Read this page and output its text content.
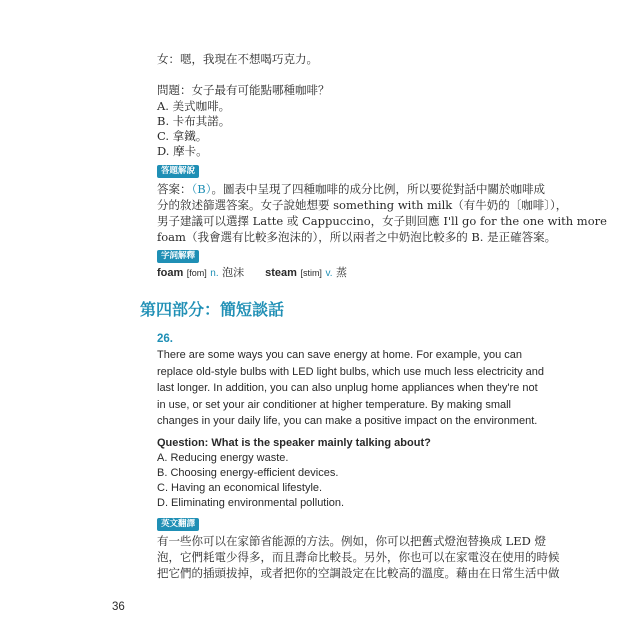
女：嗯，我現在不想喝巧克力。
問題：女子最有可能點哪種咖啡？
A. 美式咖啡。
B. 卡布其諾。
C. 拿鐵。
D. 摩卡。
答題解說
答案：（B）。圖表中呈現了四種咖啡的成分比例，所以要從對話中關於咖啡成
分的敘述篩選答案。女子說她想要 something with milk（有牛奶的〔咖啡〕），
男子建議可以選擇 Latte 或 Cappuccino，女子則回應 I'll go for the one with more
foam（我會選有比較多泡沫的），所以兩者之中奶泡比較多的 B. 是正確答案。
字詞解釋
foam [fom] n. 泡沫 steam [stim] v. 蒸
第四部分：簡短談話
26.
There are some ways you can save energy at home. For example, you can
replace old-style bulbs with LED light bulbs, which use much less electricity and
last longer. In addition, you can also unplug home appliances when they're not
in use, or set your air conditioner at higher temperature. By making small
changes in your daily life, you can make a positive impact on the environment.
Question: What is the speaker mainly talking about?
A. Reducing energy waste.
B. Choosing energy-efficient devices.
C. Having an economical lifestyle.
D. Eliminating environmental pollution.
英文翻譯
有一些你可以在家節省能源的方法。例如，你可以把舊式燈泡替換成 LED 燈
泡，它們耗電少得多，而且壽命比較長。另外，你也可以在家電沒在使用的時候
把它們的插頭拔掉，或者把你的空調設定在比較高的溫度。藉由在日常生活中做
36
